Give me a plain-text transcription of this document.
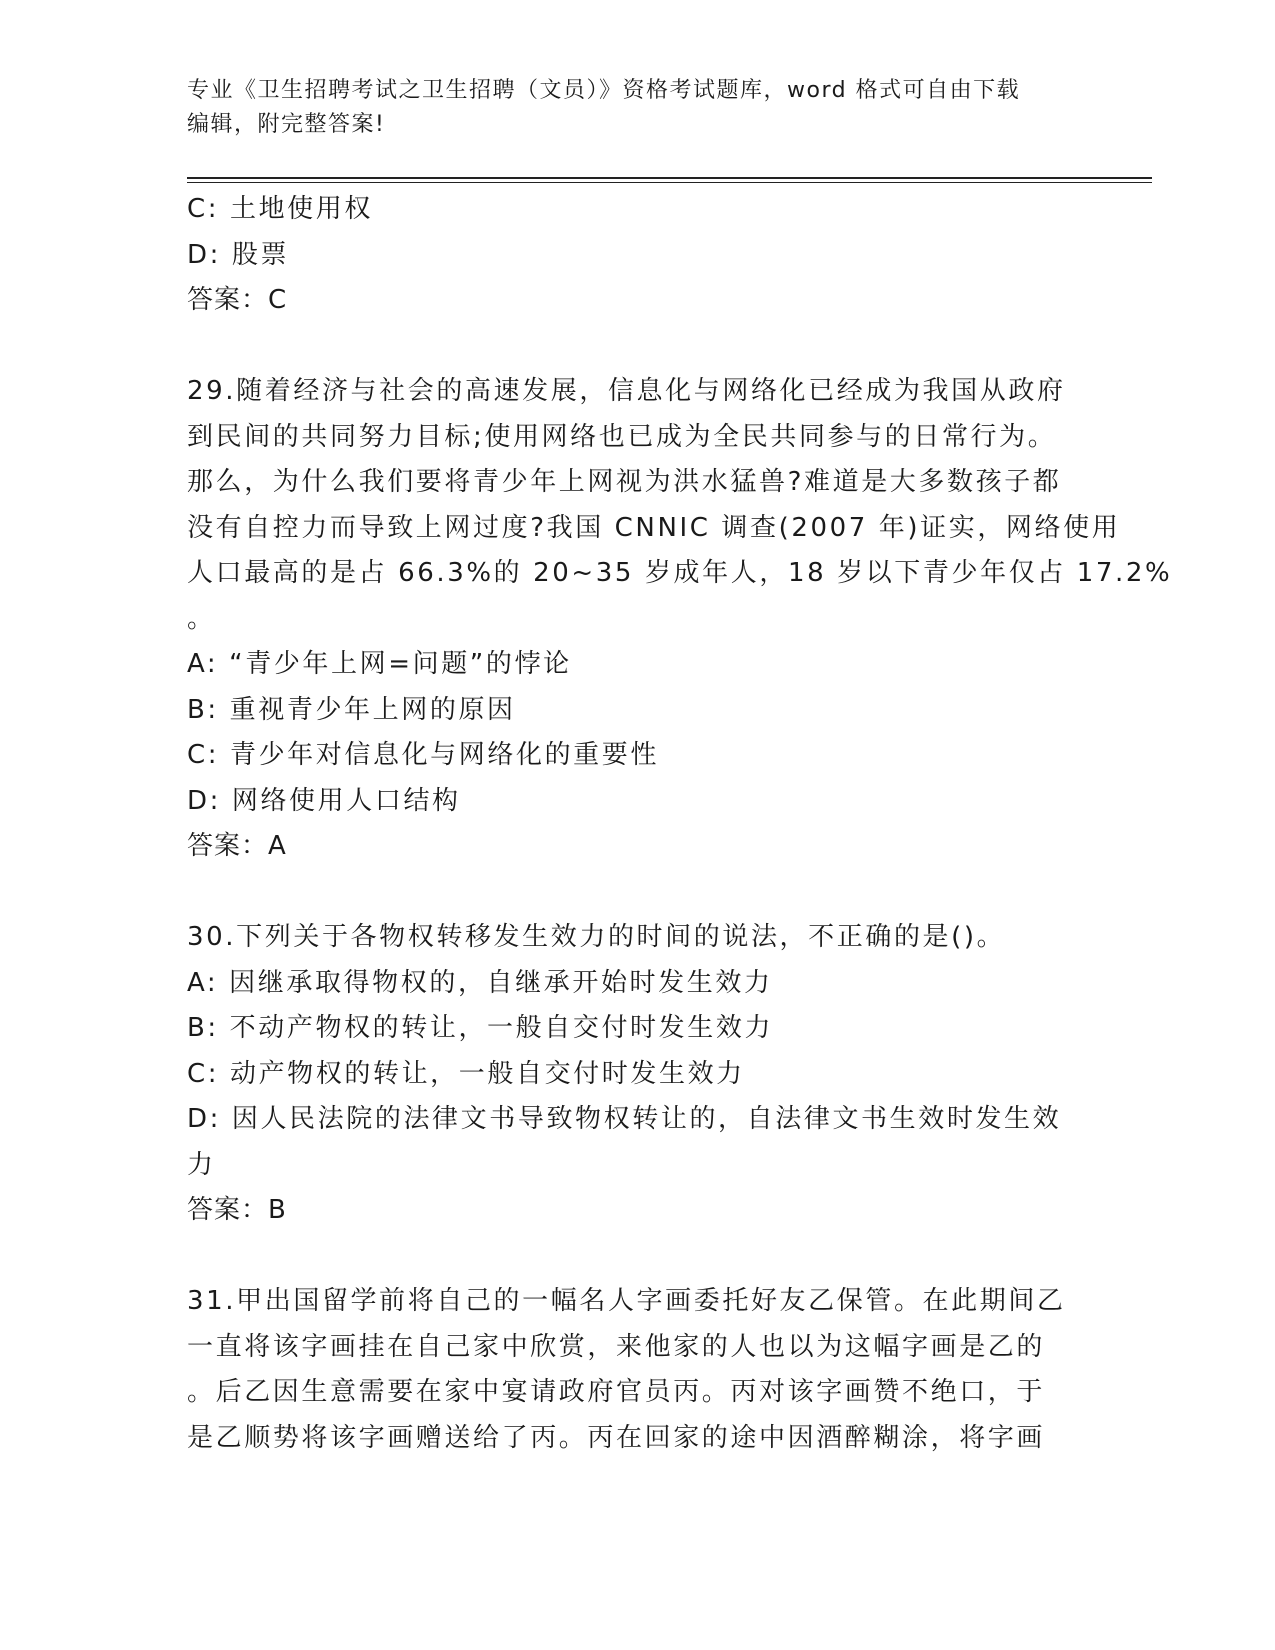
专业《卫生招聘考试之卫生招聘（文员）》资格考试题库，word 格式可自由下载
编辑，附完整答案!
C: 土地使用权
D: 股票
答案：C
29.随着经济与社会的高速发展，信息化与网络化已经成为我国从政府
到民间的共同努力目标;使用网络也已成为全民共同参与的日常行为。
那么，为什么我们要将青少年上网视为洪水猛兽?难道是大多数孩子都
没有自控力而导致上网过度?我国 CNNIC 调查(2007 年)证实，网络使用
人口最高的是占 66.3%的 20~35 岁成年人，18 岁以下青少年仅占 17.2%
。
A: “青少年上网=问题”的悖论
B: 重视青少年上网的原因
C: 青少年对信息化与网络化的重要性
D: 网络使用人口结构
答案：A
30.下列关于各物权转移发生效力的时间的说法，不正确的是()。
A: 因继承取得物权的，自继承开始时发生效力
B: 不动产物权的转让，一般自交付时发生效力
C: 动产物权的转让，一般自交付时发生效力
D: 因人民法院的法律文书导致物权转让的，自法律文书生效时发生效
力
答案：B
31.甲出国留学前将自己的一幅名人字画委托好友乙保管。在此期间乙
一直将该字画挂在自己家中欣赏，来他家的人也以为这幅字画是乙的
。后乙因生意需要在家中宴请政府官员丙。丙对该字画赞不绝口，于
是乙顺势将该字画赠送给了丙。丙在回家的途中因酒醉糊涂，将字画
